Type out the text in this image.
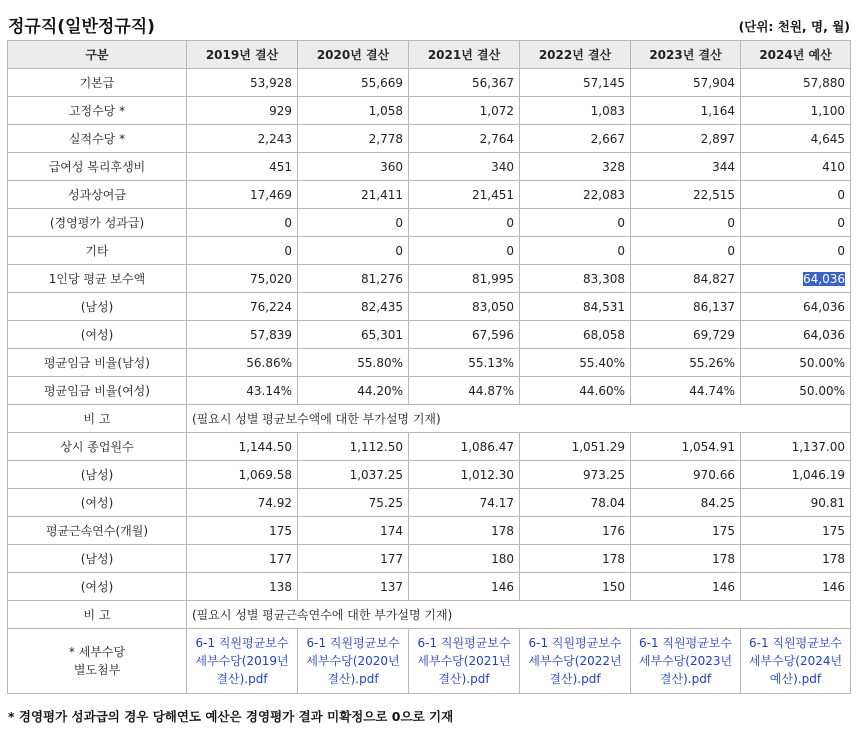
정규직(일반정규직)	(단위: 천원, 명, 월)
구분	2019년 결산	2020년 결산	2021년 결산	2022년 결산	2023년 결산	2024년 예산
기본급	53,928	55,669	56,367	57,145	57,904	57,880
고정수당 *	929	1,058	1,072	1,083	1,164	1,100
실적수당 *	2,243	2,778	2,764	2,667	2,897	4,645
급여성 복리후생비	451	360	340	328	344	410
성과상여금	17,469	21,411	21,451	22,083	22,515	0
(경영평가 성과급)	0	0	0	0	0	0
기타	0	0	0	0	0	0
1인당 평균 보수액	75,020	81,276	81,995	83,308	84,827	64,036
(남성)	76,224	82,435	83,050	84,531	86,137	64,036
(여성)	57,839	65,301	67,596	68,058	69,729	64,036
평균임금 비율(남성)	56.86%	55.80%	55.13%	55.40%	55.26%	50.00%
평균임금 비율(여성)	43.14%	44.20%	44.87%	44.60%	44.74%	50.00%
비 고	(필요시 성별 평균보수액에 대한 부가설명 기재)					
상시 종업원수	1,144.50	1,112.50	1,086.47	1,051.29	1,054.91	1,137.00
(남성)	1,069.58	1,037.25	1,012.30	973.25	970.66	1,046.19
(여성)	74.92	75.25	74.17	78.04	84.25	90.81
평균근속연수(개월)	175	174	178	176	175	175
(남성)	177	177	180	178	178	178
(여성)	138	137	146	150	146	146
비 고	(필요시 성별 평균근속연수에 대한 부가설명 기재)					

* 세부수당
별도첨부	6-1 직원평균보수 세부수당(2019년 결산).pdf	6-1 직원평균보수 세부수당(2020년 결산).pdf	6-1 직원평균보수 세부수당(2021년 결산).pdf	6-1 직원평균보수 세부수당(2022년 결산).pdf	6-1 직원평균보수 세부수당(2023년 결산).pdf	6-1 직원평균보수 세부수당(2024년 예산).pdf
* 경영평가 성과급의 경우 당해연도 예산은 경영평가 결과 미확정으로 0으로 기재
